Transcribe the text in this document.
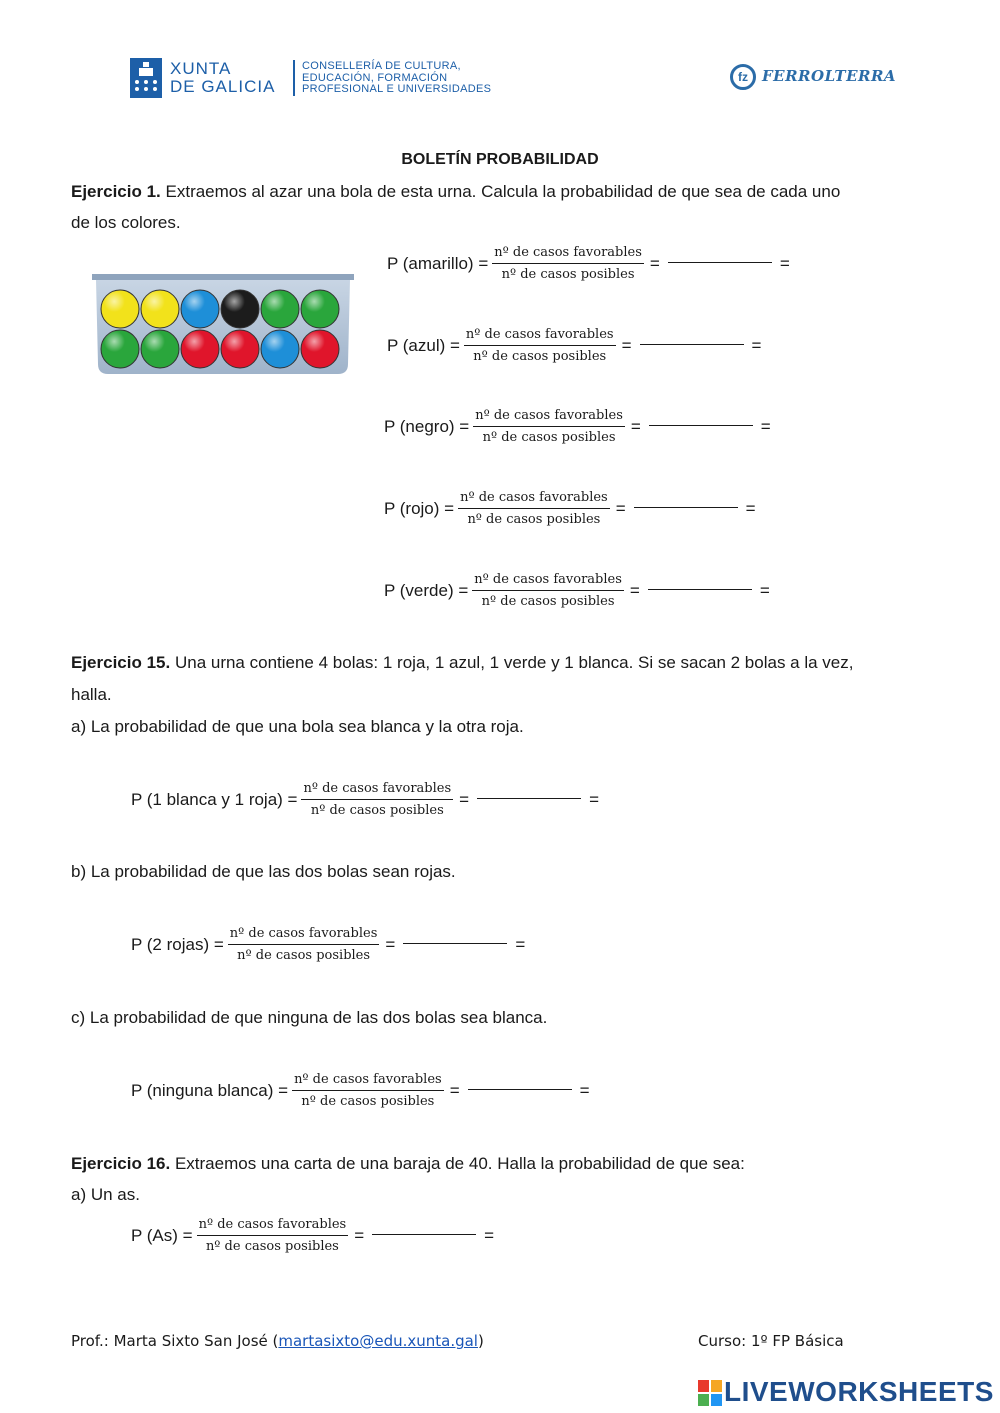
XUNTA
DE GALICIA
CONSELLERÍA DE CULTURA,
EDUCACIÓN, FORMACIÓN
PROFESIONAL E UNIVERSIDADES
fz FERROLTERRA
BOLETÍN PROBABILIDAD
Ejercicio 1. Extraemos al azar una bola de esta urna. Calcula la probabilidad de que sea de cada uno
de los colores.
P (amarillo) = $\frac{\text{nº de casos favorables}}{\text{nº de casos posibles}}$ =	=
P (azul) = $\frac{\text{nº de casos favorables}}{\text{nº de casos posibles}}$ =	=
P (negro) = $\frac{\text{nº de casos favorables}}{\text{nº de casos posibles}}$ =	=
P (rojo) = $\frac{\text{nº de casos favorables}}{\text{nº de casos posibles}}$ =	=
P (verde) = $\frac{\text{nº de casos favorables}}{\text{nº de casos posibles}}$ =	=
Ejercicio 15. Una urna contiene 4 bolas: 1 roja, 1 azul, 1 verde y 1 blanca. Si se sacan 2 bolas a la vez,
halla.
a) La probabilidad de que una bola sea blanca y la otra roja.
P (1 blanca y 1 roja) = $\frac{\text{nº de casos favorables}}{\text{nº de casos posibles}}$ =	=
b) La probabilidad de que las dos bolas sean rojas.
P (2 rojas) = $\frac{\text{nº de casos favorables}}{\text{nº de casos posibles}}$ =	=
c) La probabilidad de que ninguna de las dos bolas sea blanca.
P (ninguna blanca) = $\frac{\text{nº de casos favorables}}{\text{nº de casos posibles}}$ =	=
Ejercicio 16. Extraemos una carta de una baraja de 40. Halla la probabilidad de que sea:
a) Un as.
P $(As) = \frac{\text{nº de casos favorables}}{\text{nº de casos posibles}}$ =	=
Prof.: Marta Sixto San José (martasixto@edu.xunta.gal)	Curso: 1º FP Básica
LIVEWORKSHEETS
